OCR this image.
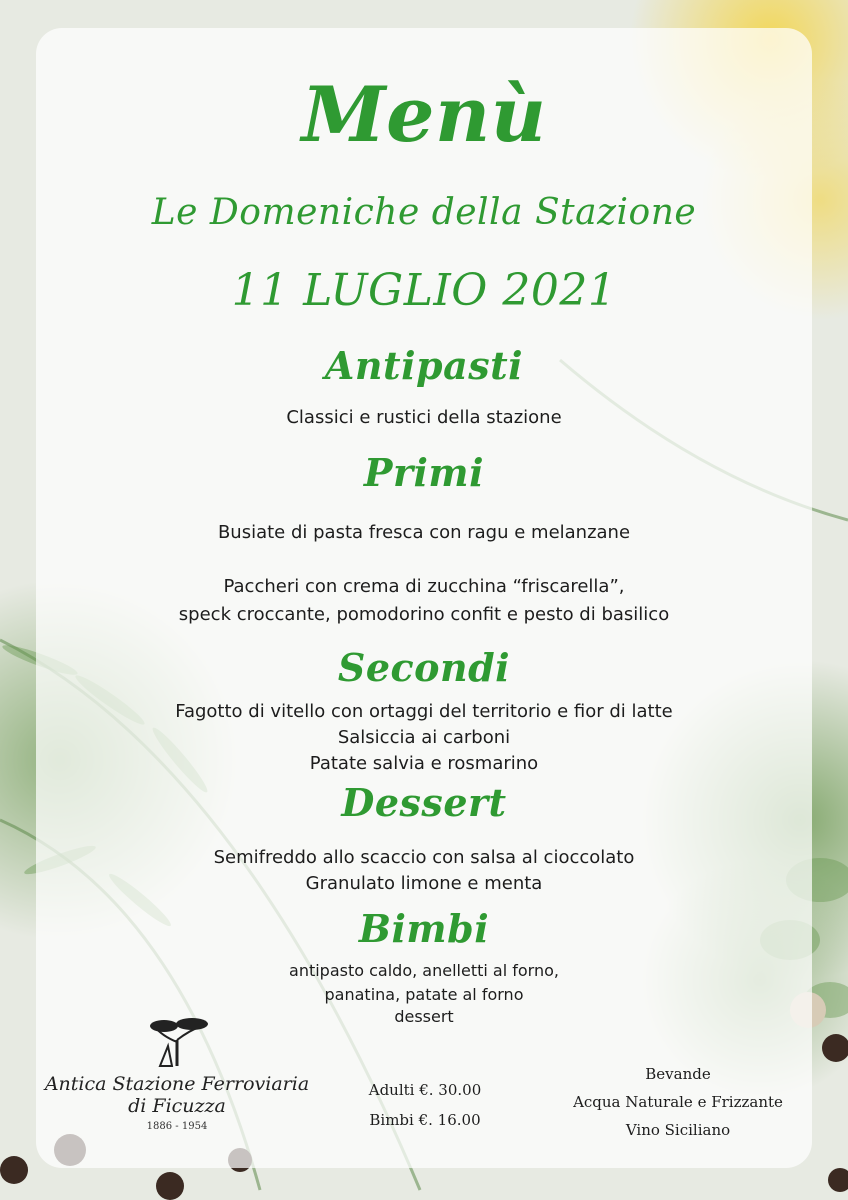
Menù
Le Domeniche della Stazione
11 LUGLIO 2021
Antipasti
Classici e rustici della stazione
Primi
Busiate di pasta fresca con ragu e melanzane
Paccheri con crema di zucchina “friscarella”,
speck croccante, pomodorino confit e pesto di basilico
Secondi
Fagotto di vitello con ortaggi del territorio e fior di latte
Salsiccia ai carboni
Patate salvia e rosmarino
Dessert
Semifreddo allo scaccio con salsa al cioccolato
Granulato limone e menta
Bimbi
antipasto caldo, anelletti al forno,
panatina, patate al forno
dessert
Antica Stazione Ferroviaria
di Ficuzza
1886 - 1954
Adulti €. 30.00
Bimbi €. 16.00
Bevande
Acqua Naturale e Frizzante
Vino Siciliano
